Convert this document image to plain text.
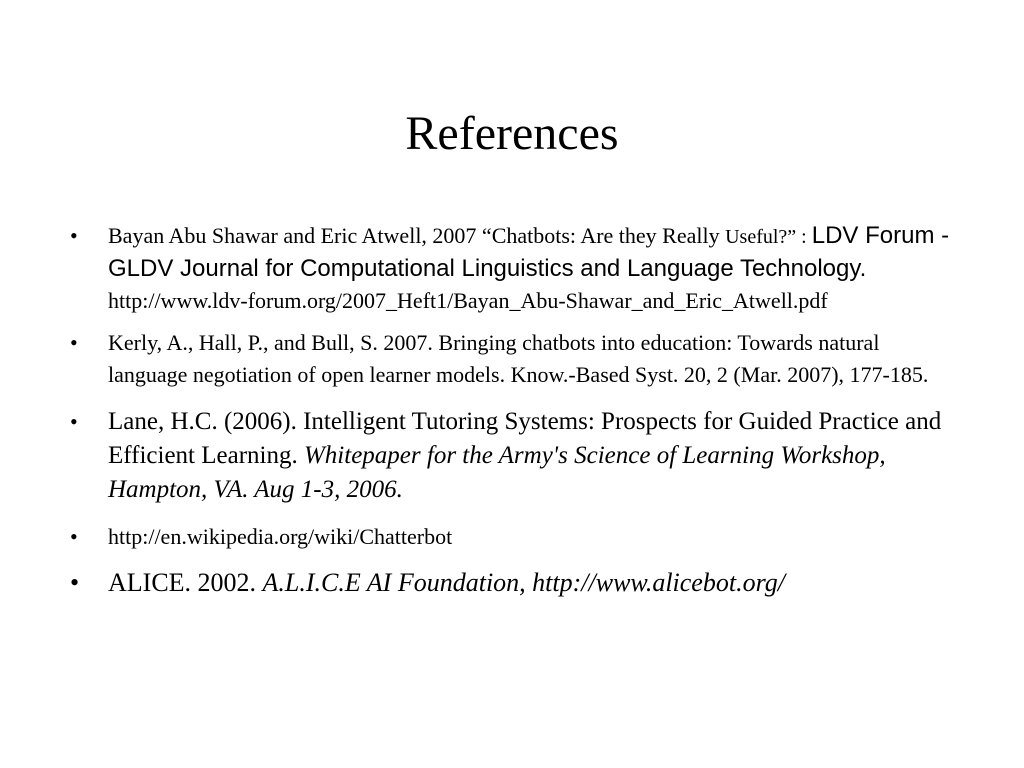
References
• Bayan Abu Shawar and Eric Atwell, 2007 “Chatbots: Are they Really Useful?” : LDV Forum - GLDV Journal for Computational Linguistics and Language Technology. http://www.ldv-forum.org/2007_Heft1/Bayan_Abu-Shawar_and_Eric_Atwell.pdf
• Kerly, A., Hall, P., and Bull, S. 2007. Bringing chatbots into education: Towards natural language negotiation of open learner models. Know.-Based Syst. 20, 2 (Mar. 2007), 177-185.
• Lane, H.C. (2006). Intelligent Tutoring Systems: Prospects for Guided Practice and Efficient Learning. Whitepaper for the Army's Science of Learning Workshop, Hampton, VA. Aug 1-3, 2006.
• http://en.wikipedia.org/wiki/Chatterbot
• ALICE. 2002. A.L.I.C.E AI Foundation, http://www.alicebot.org/
